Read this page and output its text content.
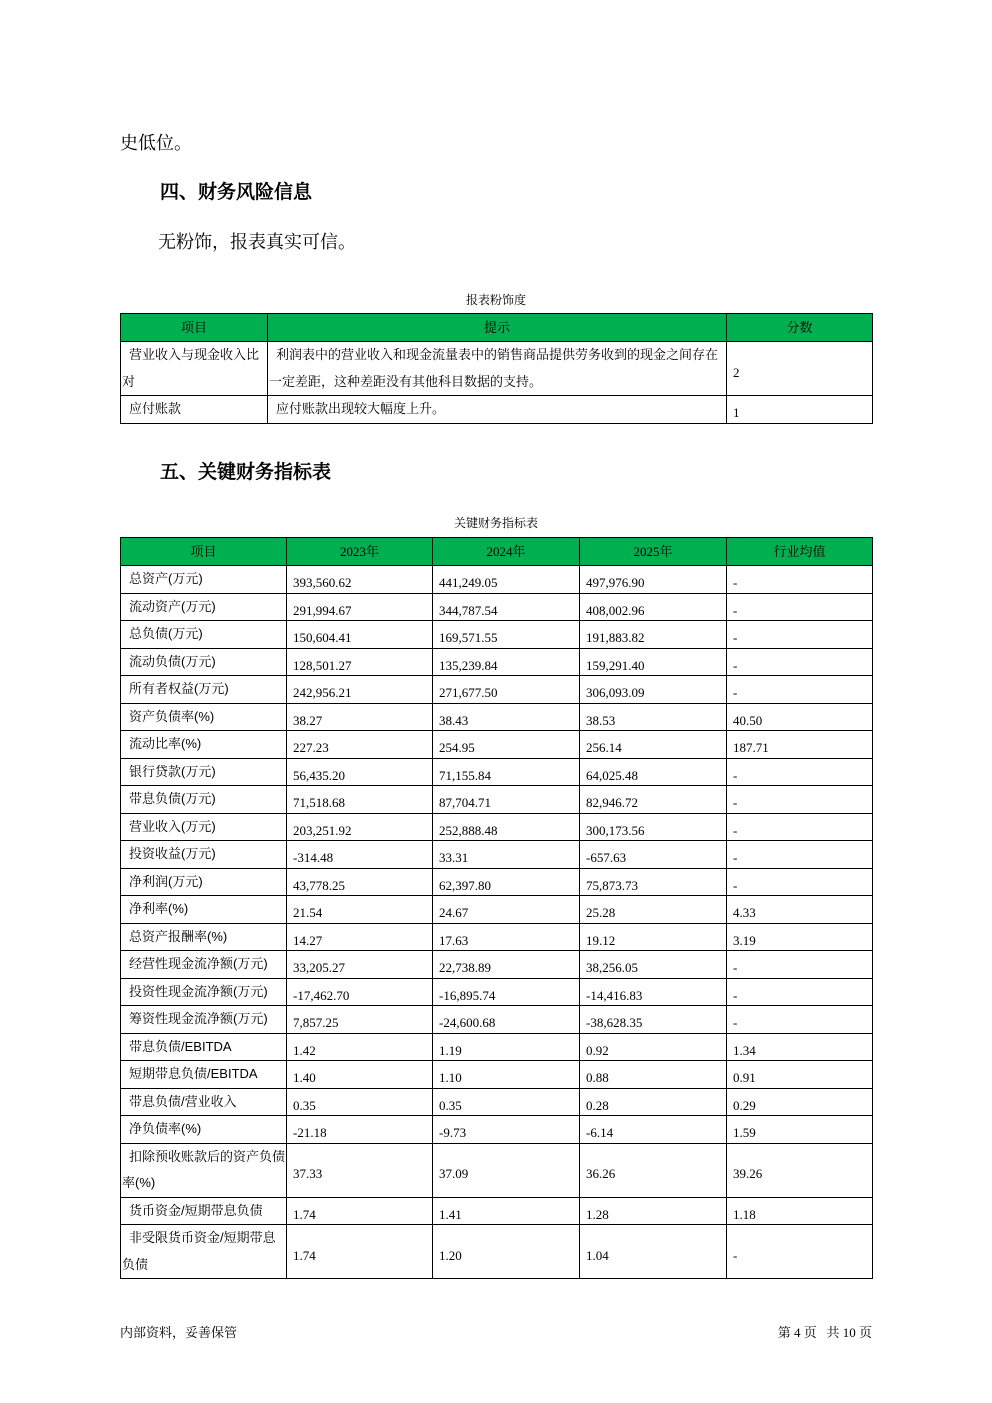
史低位。
四、财务风险信息
无粉饰，报表真实可信。
报表粉饰度
项目	提示	分数
营业收入与现金收入比对	利润表中的营业收入和现金流量表中的销售商品提供劳务收到的现金之间存在一定差距，这种差距没有其他科目数据的支持。	2
应付账款	应付账款出现较大幅度上升。	1
五、关键财务指标表
关键财务指标表
项目	2023年	2024年	2025年	行业均值
总资产(万元)	393,560.62	441,249.05	497,976.90	-
流动资产(万元)	291,994.67	344,787.54	408,002.96	-
总负债(万元)	150,604.41	169,571.55	191,883.82	-
流动负债(万元)	128,501.27	135,239.84	159,291.40	-
所有者权益(万元)	242,956.21	271,677.50	306,093.09	-
资产负债率(%)	38.27	38.43	38.53	40.50
流动比率(%)	227.23	254.95	256.14	187.71
银行贷款(万元)	56,435.20	71,155.84	64,025.48	-
带息负债(万元)	71,518.68	87,704.71	82,946.72	-
营业收入(万元)	203,251.92	252,888.48	300,173.56	-
投资收益(万元)	-314.48	33.31	-657.63	-
净利润(万元)	43,778.25	62,397.80	75,873.73	-
净利率(%)	21.54	24.67	25.28	4.33
总资产报酬率(%)	14.27	17.63	19.12	3.19
经营性现金流净额(万元)	33,205.27	22,738.89	38,256.05	-
投资性现金流净额(万元)	-17,462.70	-16,895.74	-14,416.83	-
筹资性现金流净额(万元)	7,857.25	-24,600.68	-38,628.35	-
带息负债/EBITDA	1.42	1.19	0.92	1.34
短期带息负债/EBITDA	1.40	1.10	0.88	0.91
带息负债/营业收入	0.35	0.35	0.28	0.29
净负债率(%)	-21.18	-9.73	-6.14	1.59
扣除预收账款后的资产负债率(%)	37.33	37.09	36.26	39.26
货币资金/短期带息负债	1.74	1.41	1.28	1.18
非受限货币资金/短期带息负债	1.74	1.20	1.04	-
内部资料，妥善保管	第 4 页   共 10 页
